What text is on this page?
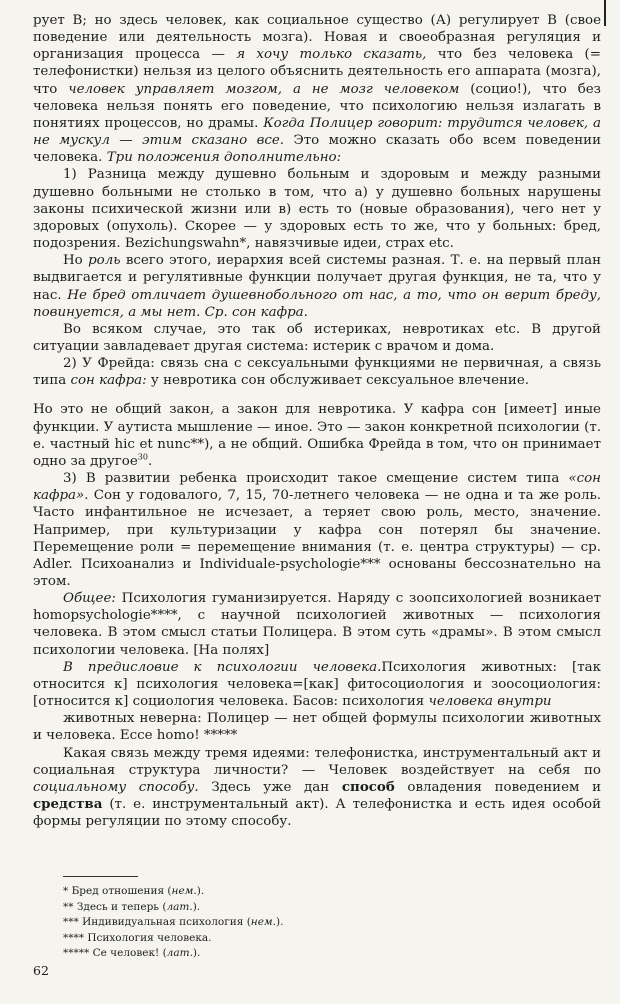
рует В; но здесь человек, как социальное существо (А) регулирует В (свое поведение или деятельность мозга). Новая и своеобразная регуляция и организация процесса — я хочу только сказать, что без человека (= телефонистки) нельзя из целого объяснить деятельность его аппарата (мозга), что человек управляет мозгом, а не мозг человеком (социо!), что без человека нельзя понять его поведение, что психологию нельзя излагать в понятиях процессов, но драмы. Когда Полицер говорит: трудится человек, а не мускул — этим сказано все. Это можно сказать обо всем поведении человека. Три положения дополнительно:

1) Разница между душевно больным и здоровым и между разными душевно больными не столько в том, что а) у душевно больных нарушены законы психической жизни или в) есть то (новые образования), чего нет у здоровых (опухоль). Скорее — у здоровых есть то же, что у больных: бред, подозрения. Bezichungswahn*, навязчивые идеи, страх etc.

Но роль всего этого, иерархия всей системы разная. Т. е. на первый план выдвигается и регулятивные функции получает другая функция, не та, что у нас. Не бред отличает душевнобольного от нас, а то, что он верит бреду, повинуется, а мы нет. Ср. сон кафра.

Во всяком случае, это так об истериках, невротиках etc. В другой ситуации завладевает другая система: истерик с врачом и дома.

2) У Фрейда: связь сна с сексуальными функциями не первичная, а связь типа сон кафра: у невротика сон обслуживает сексуальное влечение.

Но это не общий закон, а закон для невротика. У кафра сон [имеет] иные функции. У аутиста мышление — иное. Это — закон конкретной психологии (т. е. частный hic et nunc**), а не общий. Ошибка Фрейда в том, что он принимает одно за другое$^{30}$.

3) В развитии ребенка происходит такое смещение систем типа «сон кафра». Сон у годовалого, 7, 15, 70-летнего человека — не одна и та же роль. Часто инфантильное не исчезает, а теряет свою роль, место, значение. Например, при культуризации у кафра сон потерял бы значение. Перемещение роли = перемещение внимания (т. е. центра структуры) — ср. Adler. Психоанализ и Individuale-psychologie*** основаны бессознательно на этом.

Общее: Психология гуманизируется. Наряду с зоопсихологией возникает homopsychologie****, с научной психологией животных — психология человека. В этом смысл статьи Полицера. В этом суть «драмы». В этом смысл психологии человека. [На полях]

В предисловие к психологии человека.Психология животных: [так относится к] психология человека=[как] фитосоциология и зоосоциология: [относится к] социология человека. Басов: психология человека внутри

животных неверна: Полицер — нет общей формулы психологии животных и человека. Ecce homo! *****

Какая связь между тремя идеями: телефонистка, инструментальный акт и социальная структура личности? — Человек воздействует на себя по социальному способу. Здесь уже дан способ овладения поведением и средства (т. е. инструментальный акт). А телефонистка и есть идея особой формы регуляции по этому способу.

* Бред отношения (нем.).
** Здесь и теперь (лат.).
*** Индивидуальная психология (нем.).
**** Психология человека.
***** Се человек! (лат.).
62
